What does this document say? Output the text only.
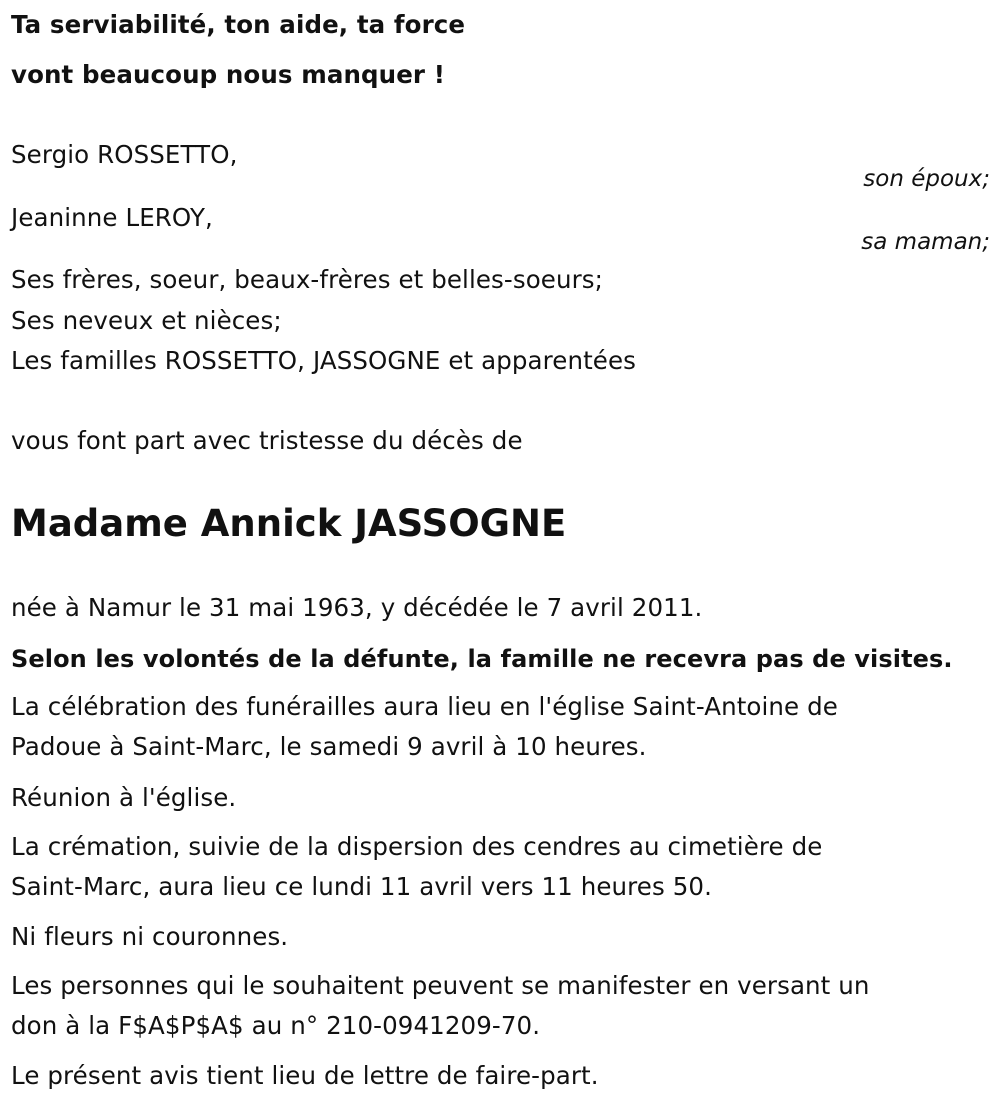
Ta serviabilité, ton aide, ta force
vont beaucoup nous manquer !
Sergio ROSSETTO,
son époux;
Jeaninne LEROY,
sa maman;
Ses frères, soeur, beaux-frères et belles-soeurs;
Ses neveux et nièces;
Les familles ROSSETTO, JASSOGNE et apparentées
vous font part avec tristesse du décès de
Madame Annick JASSOGNE
née à Namur le 31 mai 1963, y décédée le 7 avril 2011.
Selon les volontés de la défunte, la famille ne recevra pas de visites.
La célébration des funérailles aura lieu en l'église Saint-Antoine de
Padoue à Saint-Marc, le samedi 9 avril à 10 heures.
Réunion à l'église.
La crémation, suivie de la dispersion des cendres au cimetière de
Saint-Marc, aura lieu ce lundi 11 avril vers 11 heures 50.
Ni fleurs ni couronnes.
Les personnes qui le souhaitent peuvent se manifester en versant un
don à la F$A$P$A$ au n° 210-0941209-70.
Le présent avis tient lieu de lettre de faire-part.
